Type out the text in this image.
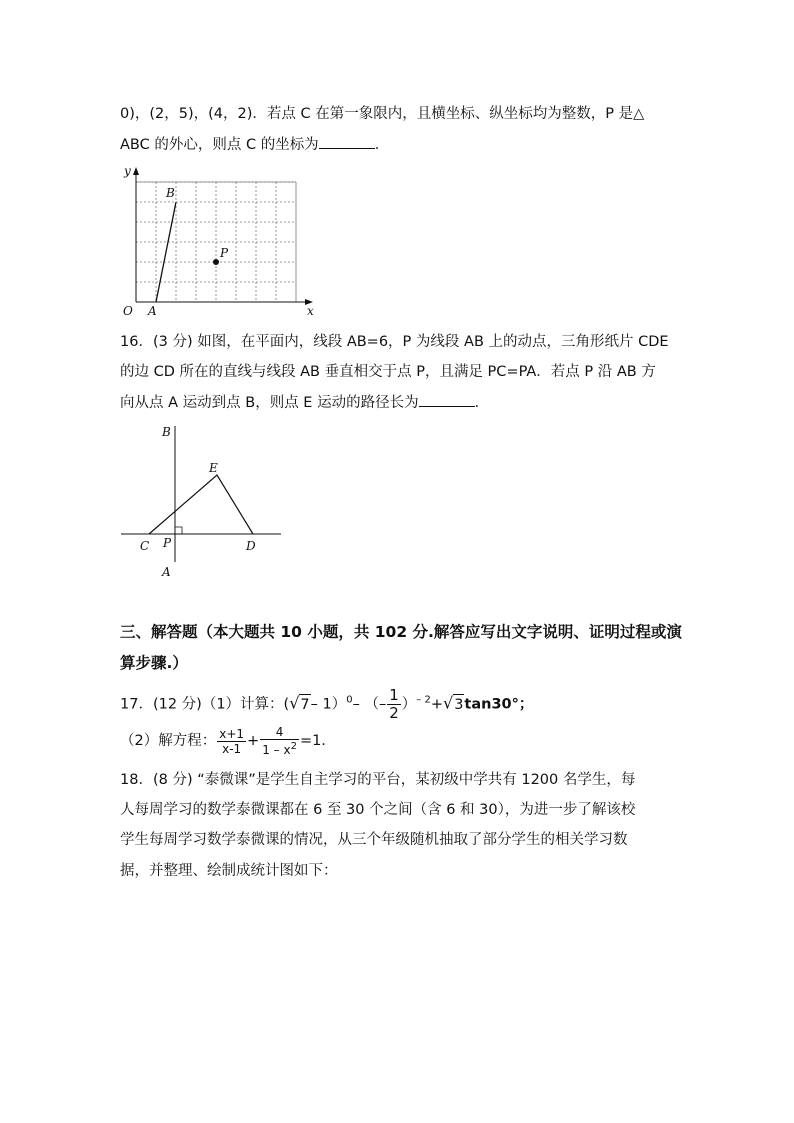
0)，(2，5)，(4，2)．若点 C 在第一象限内，且横坐标、纵坐标均为整数，P 是△
ABC 的外心，则点 C 的坐标为	．
y
x
O A
B
P
16．(3 分) 如图，在平面内，线段 AB=6，P 为线段 AB 上的动点，三角形纸片 CDE
的边 CD 所在的直线与线段 AB 垂直相交于点 P，且满足 PC=PA．若点 P 沿 AB 方
向从点 A 运动到点 B，则点 E 运动的路径长为	．
B
E
C P	D
A
三、解答题（本大题共 10 小题，共 102 分.解答应写出文字说明、证明过程或演
算步骤.）
17．(12 分)（1）计算：(√7– 1）$^0$– （– $\frac{1}{2} )^{- 2}+√3\tan 30^\circ$；
（2）解方程： $\frac{x+1}{x-1} + \frac{4}{1 - x^2} =1$.
18．(8 分) “泰微课”是学生自主学习的平台，某初级中学共有 1200 名学生，每
人每周学习的数学泰微课都在 6 至 30 个之间（含 6 和 30），为进一步了解该校
学生每周学习数学泰微课的情况，从三个年级随机抽取了部分学生的相关学习数
据，并整理、绘制成统计图如下：
